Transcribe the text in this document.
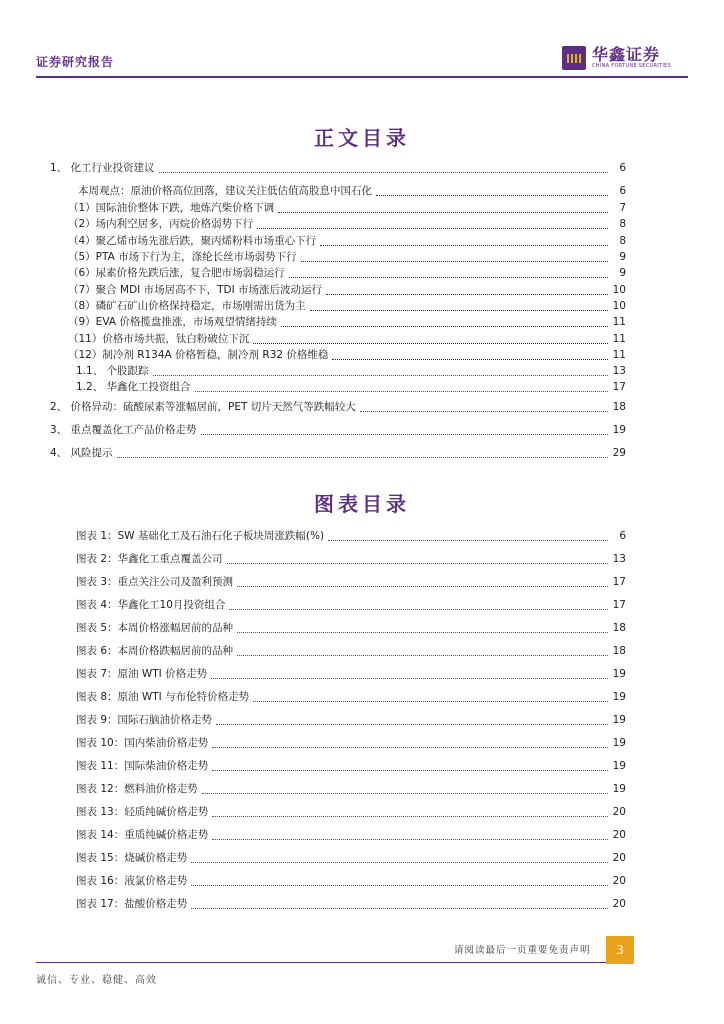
证券研究报告	华鑫证券
CHINA FORTUNE SECURITIES
正文目录
1、 化工行业投资建议	6
本周观点：原油价格高位回落，建议关注低估值高股息中国石化	6
（1）国际油价整体下跌，地炼汽柴价格下调	7
（2）场内利空居多，丙烷价格弱势下行	8
（4）聚乙烯市场先涨后跌，聚丙烯粉料市场重心下行	8
（5）PTA 市场下行为主，涤纶长丝市场弱势下行	9
（6）尿素价格先跌后涨，复合肥市场弱稳运行	9
（7）聚合 MDI 市场居高不下，TDI 市场涨后波动运行	10
（8）磷矿石矿山价格保持稳定，市场刚需出货为主	10
（9）EVA 价格揽盘推涨，市场观望情绪持续	11
（11）价格市场共振，钛白粉破位下沉	11
（12）制冷剂 R134A 价格暂稳，制冷剂 R32 价格维稳	11
1.1、 个股跟踪	13
1.2、 华鑫化工投资组合	17
2、 价格异动：硫酸尿素等涨幅居前，PET 切片天然气等跌幅较大	18
3、 重点覆盖化工产品价格走势	19
4、 风险提示	29
图表目录
图表 1：SW 基础化工及石油石化子板块周涨跌幅(%)	6
图表 2：华鑫化工重点覆盖公司	13
图表 3：重点关注公司及盈利预测	17
图表 4：华鑫化工10月投资组合	17
图表 5：本周价格涨幅居前的品种	18
图表 6：本周价格跌幅居前的品种	18
图表 7：原油 WTI 价格走势	19
图表 8：原油 WTI 与布伦特价格走势	19
图表 9：国际石脑油价格走势	19
图表 10：国内柴油价格走势	19
图表 11：国际柴油价格走势	19
图表 12：燃料油价格走势	19
图表 13：轻质纯碱价格走势	20
图表 14：重质纯碱价格走势	20
图表 15：烧碱价格走势	20
图表 16：液氯价格走势	20
图表 17：盐酸价格走势	20
请阅读最后一页重要免责声明	3
诚信、专业、稳健、高效
